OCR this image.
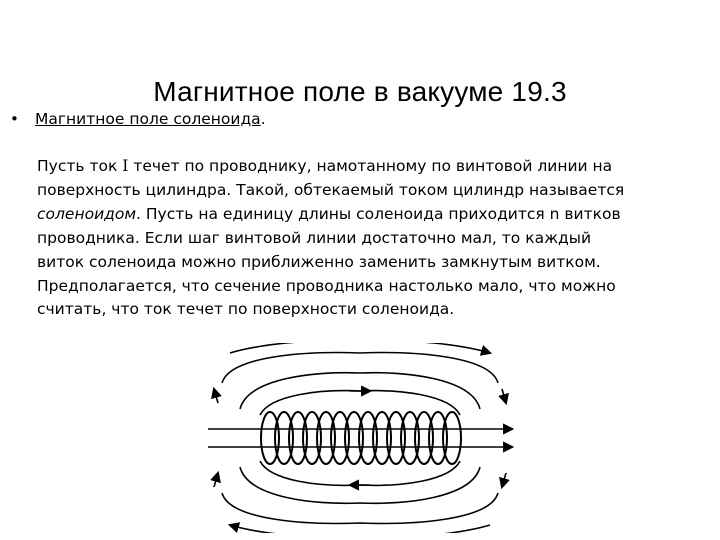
Магнитное поле в вакууме 19.3
• Магнитное поле соленоида.
Пусть ток I течет по проводнику, намотанному по винтовой линии на
поверхность цилиндра. Такой, обтекаемый током цилиндр называется
соленоидом. Пусть на единицу длины соленоида приходится n витков
проводника. Если шаг винтовой линии достаточно мал, то каждый
виток соленоида можно приближенно заменить замкнутым витком.
Предполагается, что сечение проводника настолько мало, что можно
считать, что ток течет по поверхности соленоида.
